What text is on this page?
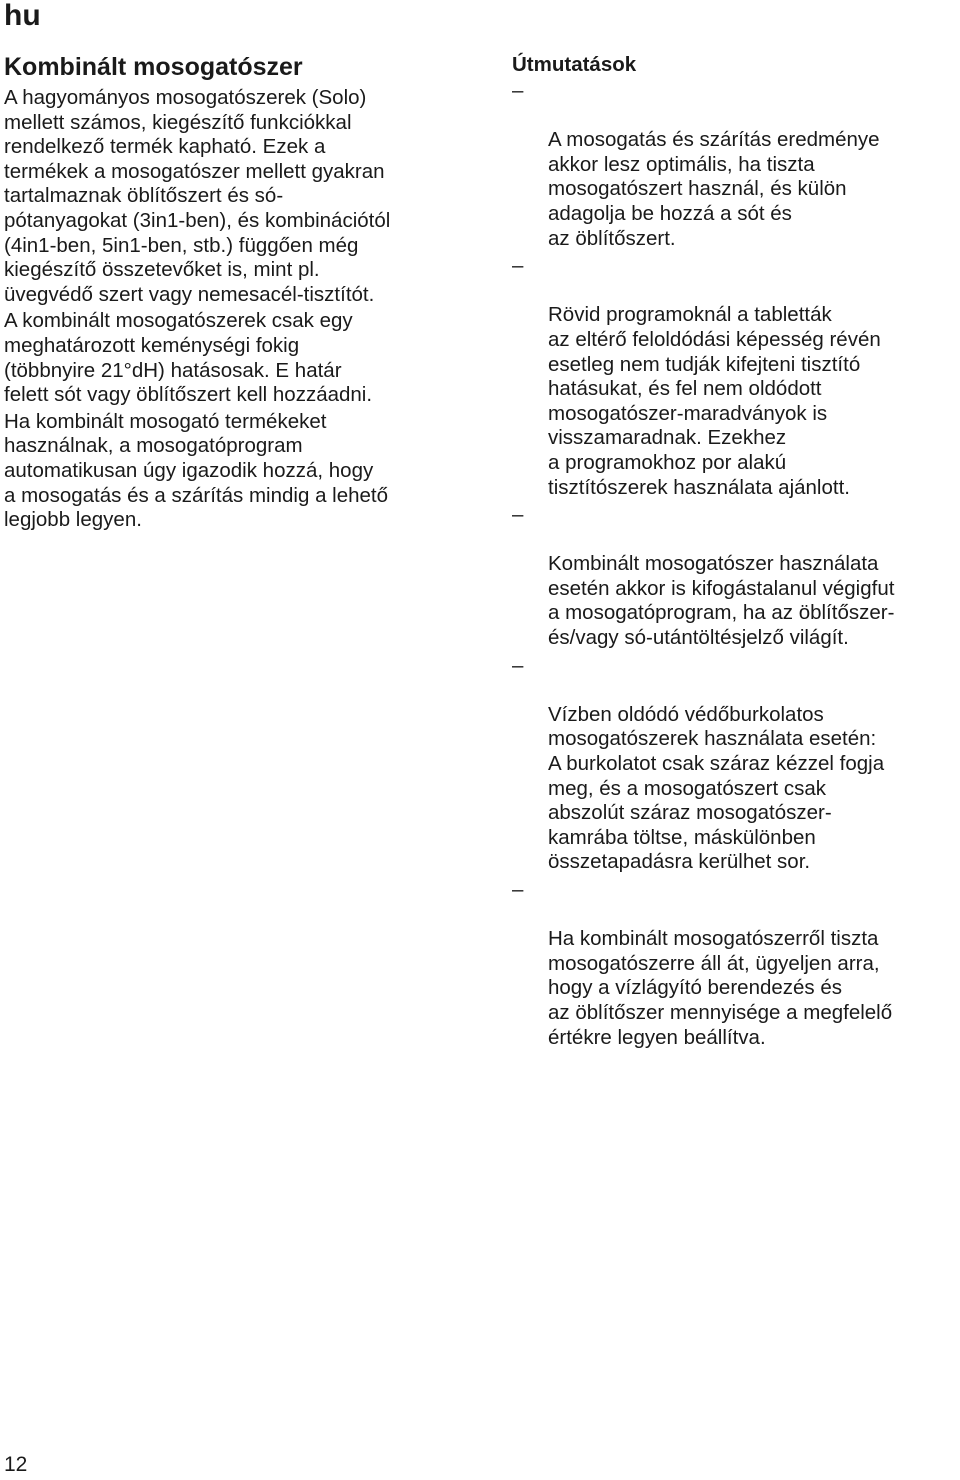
hu
Kombinált mosogatószer

A hagyományos mosogatószerek (Solo)
mellett számos, kiegészítő funkciókkal
rendelkező termék kapható. Ezek a
termékek a mosogatószer mellett gyakran
tartalmaznak öblítőszert és só-
pótanyagokat (3in1-ben), és kombinációtól
(4in1-ben, 5in1-ben, stb.) függően még
kiegészítő összetevőket is, mint pl.
üvegvédő szert vagy nemesacél-tisztítót.

A kombinált mosogatószerek csak egy
meghatározott keménységi fokig
(többnyire 21°dH) hatásosak. E határ
felett sót vagy öblítőszert kell hozzáadni.

Ha kombinált mosogató termékeket
használnak, a mosogatóprogram
automatikusan úgy igazodik hozzá, hogy
a mosogatás és a szárítás mindig a lehető
legjobb legyen.

Útmutatások

–

A mosogatás és szárítás eredménye
akkor lesz optimális, ha tiszta
mosogatószert használ, és külön
adagolja be hozzá a sót és
az öblítőszert.

–

Rövid programoknál a tabletták
az eltérő feloldódási képesség révén
esetleg nem tudják kifejteni tisztító
hatásukat, és fel nem oldódott
mosogatószer-maradványok is
visszamaradnak. Ezekhez
a programokhoz por alakú
tisztítószerek használata ajánlott.

–

Kombinált mosogatószer használata
esetén akkor is kifogástalanul végigfut
a mosogatóprogram, ha az öblítőszer-
és/vagy só-utántöltésjelző világít.

–

Vízben oldódó védőburkolatos
mosogatószerek használata esetén:
A burkolatot csak száraz kézzel fogja
meg, és a mosogatószert csak
abszolút száraz mosogatószer-
kamrába töltse, máskülönben
összetapadásra kerülhet sor.

–

Ha kombinált mosogatószerről tiszta
mosogatószerre áll át, ügyeljen arra,
hogy a vízlágyító berendezés és
az öblítőszer mennyisége a megfelelő
értékre legyen beállítva.

12
